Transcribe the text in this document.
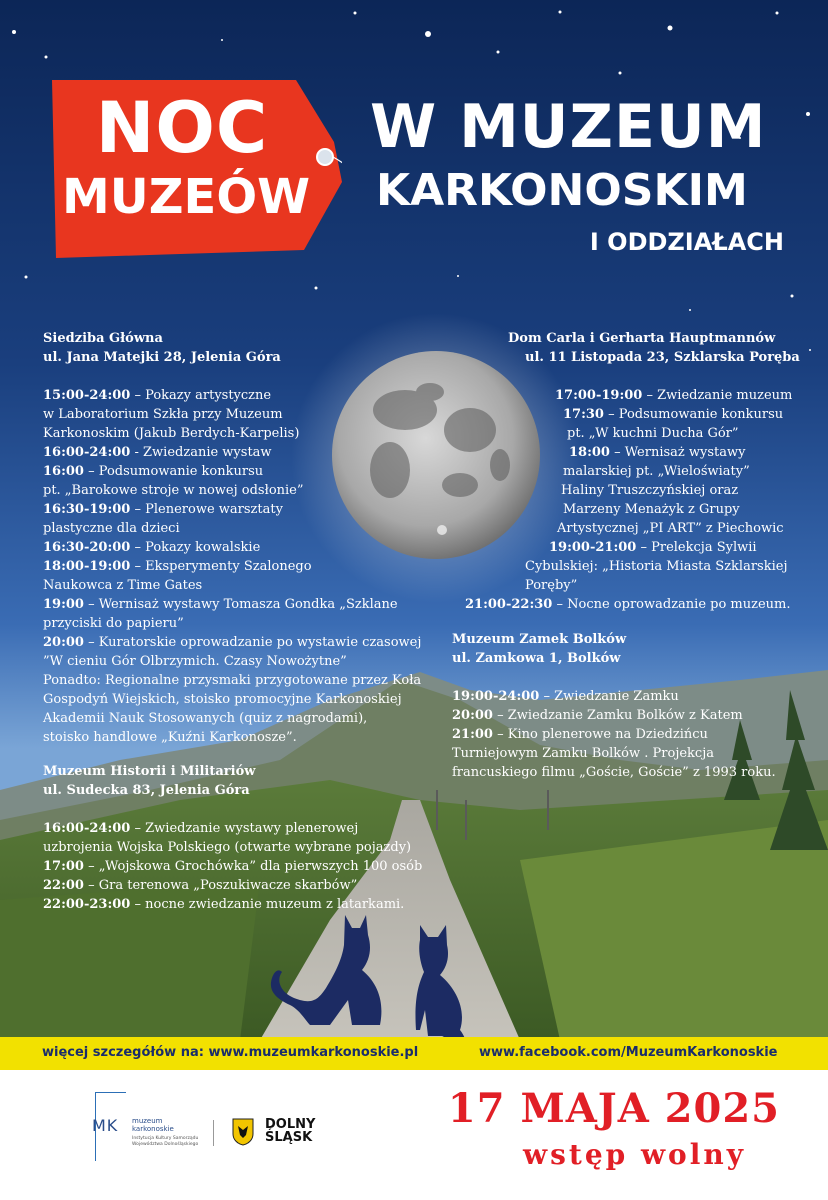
NOC
MUZEÓW
W MUZEUM
KARKONOSKIM
I ODDZIAŁACH
Siedziba Główna
ul. Jana Matejki 28, Jelenia Góra
15:00-24:00 – Pokazy artystyczne
w Laboratorium Szkła przy Muzeum
Karkonoskim (Jakub Berdych-Karpelis)
16:00-24:00 - Zwiedzanie wystaw
16:00 – Podsumowanie konkursu
pt. „Barokowe stroje w nowej odsłonie”
16:30-19:00 – Plenerowe warsztaty
plastyczne dla dzieci
16:30-20:00 – Pokazy kowalskie
18:00-19:00 – Eksperymenty Szalonego
Naukowca z Time Gates
19:00 – Wernisaż wystawy Tomasza Gondka „Szklane
przyciski do papieru”
20:00 – Kuratorskie oprowadzanie po wystawie czasowej
”W cieniu Gór Olbrzymich. Czasy Nowożytne”
Ponadto: Regionalne przysmaki przygotowane przez Koła
Gospodyń Wiejskich, stoisko promocyjne Karkonoskiej
Akademii Nauk Stosowanych (quiz z nagrodami),
stoisko handlowe „Kuźni Karkonosze”.
Muzeum Historii i Militariów
ul. Sudecka 83, Jelenia Góra
16:00-24:00 – Zwiedzanie wystawy plenerowej
uzbrojenia Wojska Polskiego (otwarte wybrane pojazdy)
17:00 – „Wojskowa Grochówka” dla pierwszych 100 osób
22:00 – Gra terenowa „Poszukiwacze skarbów”
22:00-23:00 – nocne zwiedzanie muzeum z latarkami.
Dom Carla i Gerharta Hauptmannów
ul. 11 Listopada 23, Szklarska Poręba
17:00-19:00 – Zwiedzanie muzeum
17:30 – Podsumowanie konkursu
pt. „W kuchni Ducha Gór”
18:00 – Wernisaż wystawy
malarskiej pt. „Wieloświaty”
Haliny Truszczyńskiej oraz
Marzeny Menażyk z Grupy
Artystycznej „PI ART” z Piechowic
19:00-21:00 – Prelekcja Sylwii
Cybulskiej: „Historia Miasta Szklarskiej
Poręby”
21:00-22:30 – Nocne oprowadzanie po muzeum.
Muzeum Zamek Bolków
ul. Zamkowa 1, Bolków
19:00-24:00 – Zwiedzanie Zamku
20:00 – Zwiedzanie Zamku Bolków z Katem
21:00 – Kino plenerowe na Dziedzińcu
Turniejowym Zamku Bolków . Projekcja
francuskiego filmu „Goście, Goście” z 1993 roku.
więcej szczegółów na: www.muzeumkarkonoskie.pl	www.facebook.com/MuzeumKarkonoskie
MK muzeum
karkonoskie
Instytucja Kultury Samorządu Województwa Dolnośląskiego
DOLNY
ŚLĄSK
17 MAJA 2025
wstęp wolny
